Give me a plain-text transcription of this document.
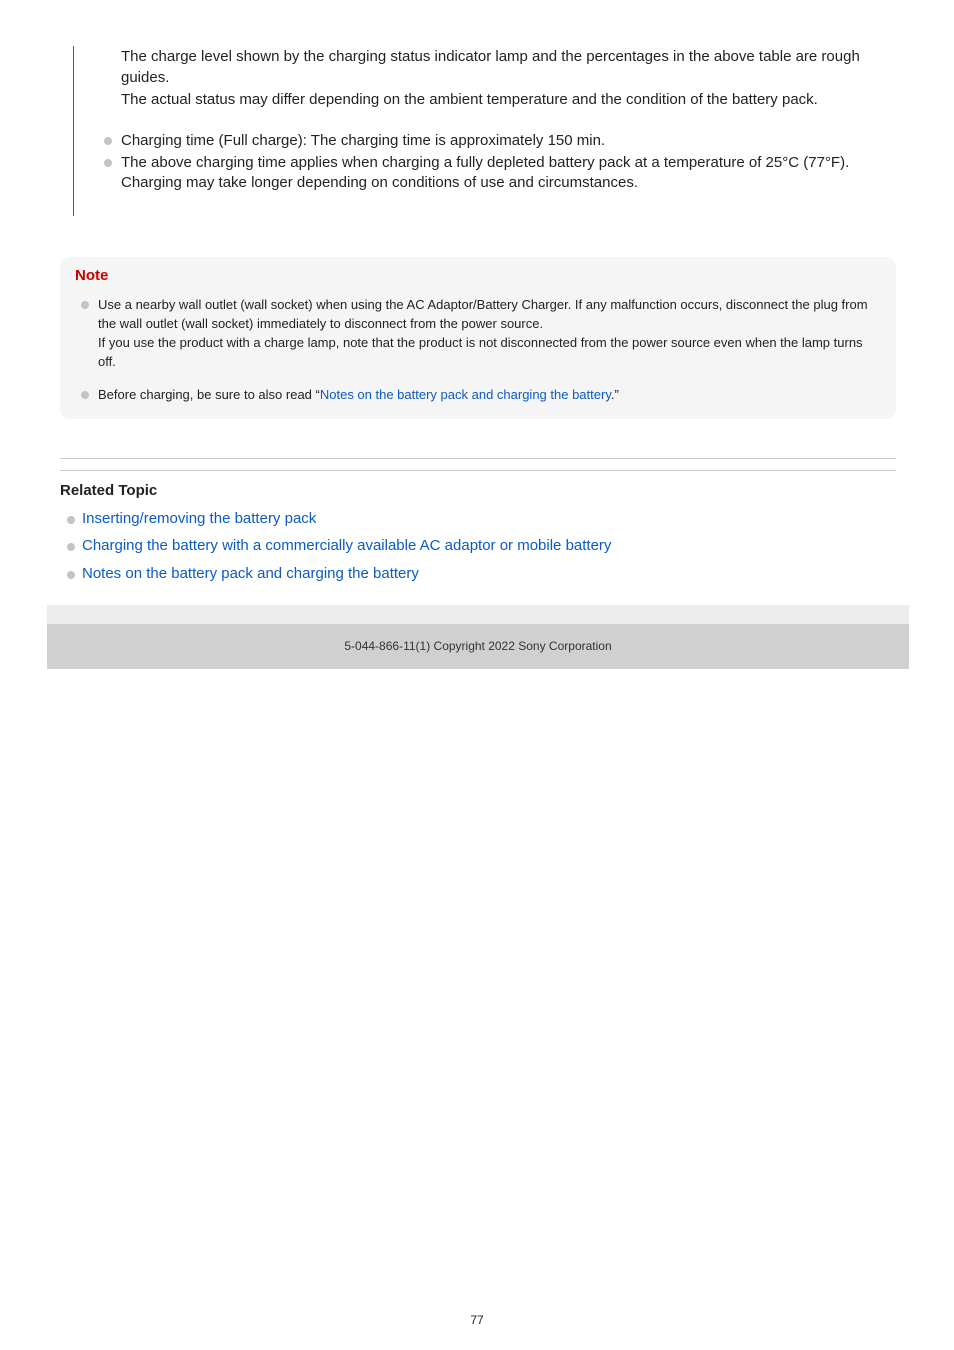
The charge level shown by the charging status indicator lamp and the percentages in the above table are rough guides.

The actual status may differ depending on the ambient temperature and the condition of the battery pack.

Charging time (Full charge): The charging time is approximately 150 min.
The above charging time applies when charging a fully depleted battery pack at a temperature of 25°C (77°F). Charging may take longer depending on conditions of use and circumstances.
Note
Use a nearby wall outlet (wall socket) when using the AC Adaptor/Battery Charger. If any malfunction occurs, disconnect the plug from the wall outlet (wall socket) immediately to disconnect from the power source.
If you use the product with a charge lamp, note that the product is not disconnected from the power source even when the lamp turns off.
Before charging, be sure to also read “Notes on the battery pack and charging the battery.”
Related Topic
Inserting/removing the battery pack
Charging the battery with a commercially available AC adaptor or mobile battery
Notes on the battery pack and charging the battery
5-044-866-11(1) Copyright 2022 Sony Corporation
77
